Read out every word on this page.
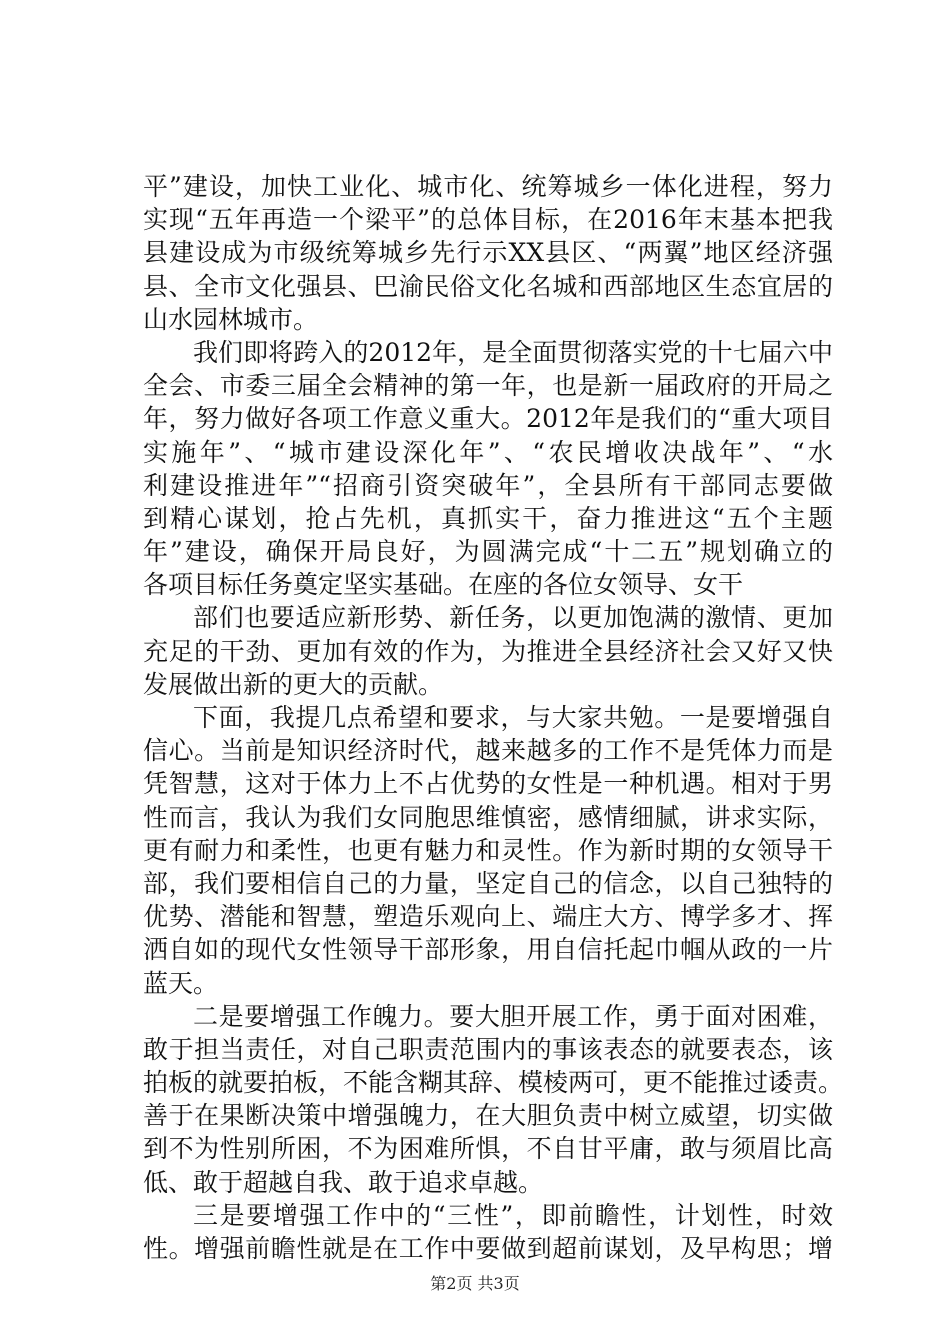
平”建设，加快工业化、城市化、统筹城乡一体化进程，努力
实现“五年再造一个梁平”的总体目标，在2016年末基本把我
县建设成为市级统筹城乡先行示XX县区、“两翼”地区经济强
县、全市文化强县、巴渝民俗文化名城和西部地区生态宜居的
山水园林城市。
我们即将跨入的2012年，是全面贯彻落实党的十七届六中
全会、市委三届全会精神的第一年，也是新一届政府的开局之
年，努力做好各项工作意义重大。2012年是我们的“重大项目
实施年”、“城市建设深化年”、“农民增收决战年”、“水
利建设推进年”“招商引资突破年”，全县所有干部同志要做
到精心谋划，抢占先机，真抓实干，奋力推进这“五个主题
年”建设，确保开局良好，为圆满完成“十二五”规划确立的
各项目标任务奠定坚实基础。在座的各位女领导、女干
部们也要适应新形势、新任务，以更加饱满的激情、更加
充足的干劲、更加有效的作为，为推进全县经济社会又好又快
发展做出新的更大的贡献。
下面，我提几点希望和要求，与大家共勉。一是要增强自
信心。当前是知识经济时代，越来越多的工作不是凭体力而是
凭智慧，这对于体力上不占优势的女性是一种机遇。相对于男
性而言，我认为我们女同胞思维慎密，感情细腻，讲求实际，
更有耐力和柔性，也更有魅力和灵性。作为新时期的女领导干
部，我们要相信自己的力量，坚定自己的信念，以自己独特的
优势、潜能和智慧，塑造乐观向上、端庄大方、博学多才、挥
洒自如的现代女性领导干部形象，用自信托起巾帼从政的一片
蓝天。
二是要增强工作魄力。要大胆开展工作，勇于面对困难，
敢于担当责任，对自己职责范围内的事该表态的就要表态，该
拍板的就要拍板，不能含糊其辞、模棱两可，更不能推过诿责。
善于在果断决策中增强魄力，在大胆负责中树立威望，切实做
到不为性别所困，不为困难所惧，不自甘平庸，敢与须眉比高
低、敢于超越自我、敢于追求卓越。
三是要增强工作中的“三性”，即前瞻性，计划性，时效
性。增强前瞻性就是在工作中要做到超前谋划，及早构思；增
第2页 共3页
